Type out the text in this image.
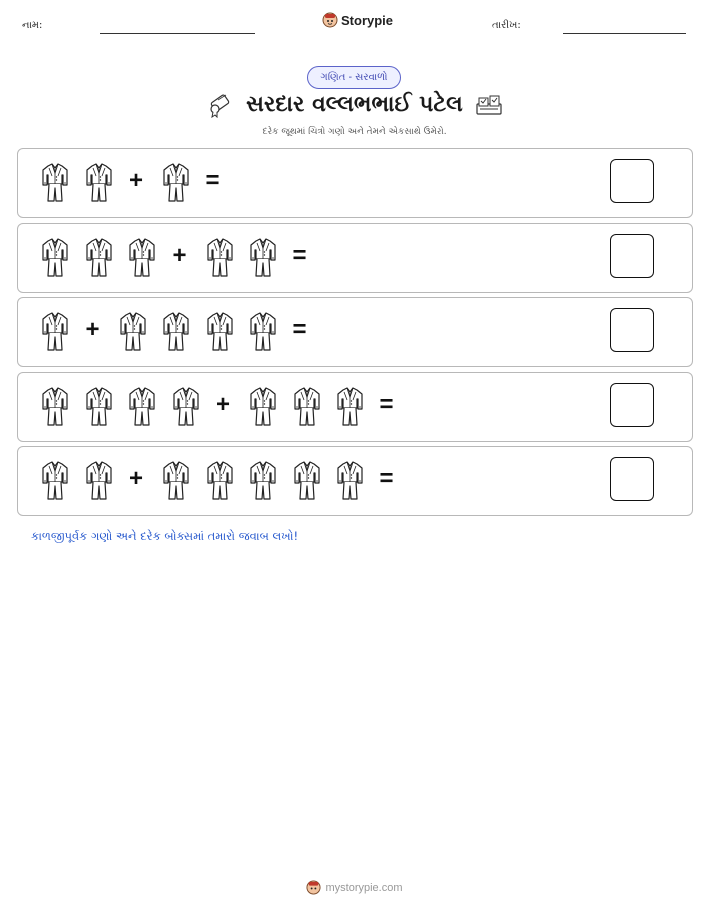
નામ:	Storypie	તારીખ:
ગણિત - સરવાળો
સરદાર વલ્લભભાઈ પટેલ
દરેક જૂથમાં ચિત્રો ગણો અને તેમને એકસાથે ઉમેરો.
+	=
+	=
+	=
+	=
+	=
કાળજીપૂર્વક ગણો અને દરેક બોક્સમાં તમારો જવાબ લખો!
mystorypie.com
